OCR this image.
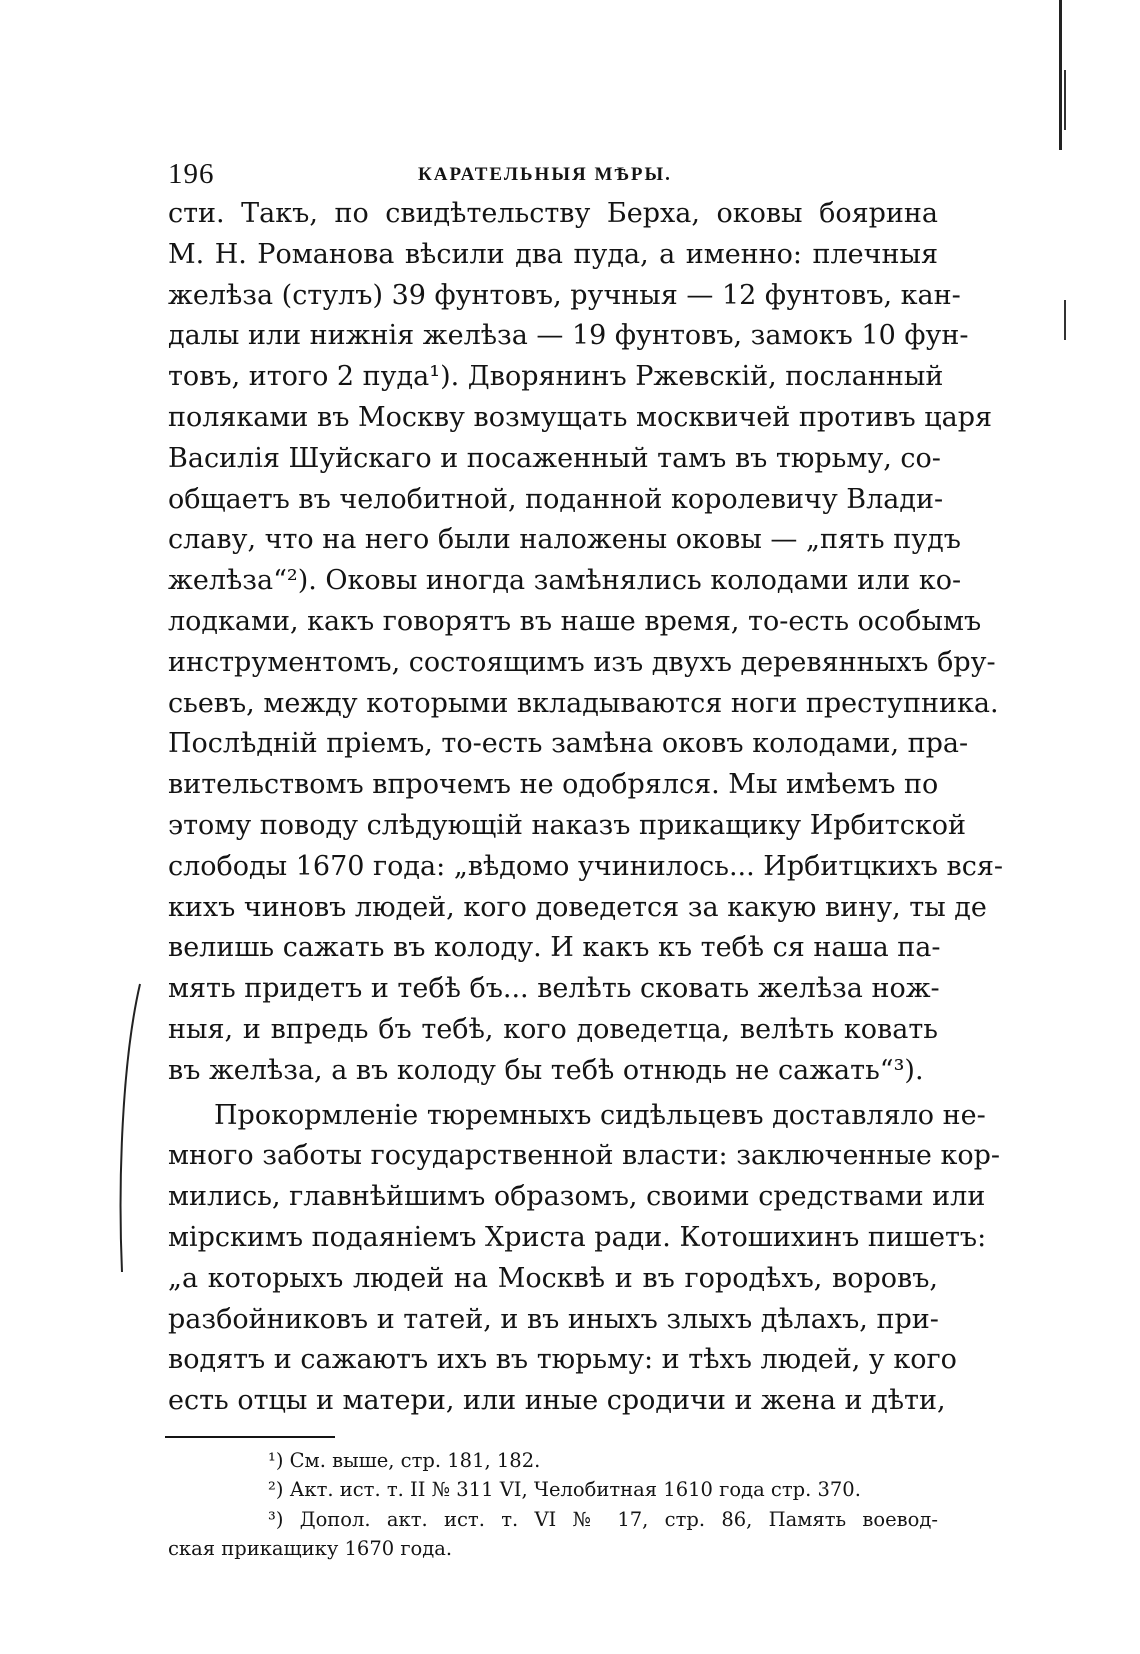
196	КАРАТЕЛЬНЫЯ МѢРЫ.
сти. Такъ, по свидѣтельству Берха, оковы боярина
М. Н. Романова вѣсили два пуда, а именно: плечныя
желѣза (стулъ) 39 фунтовъ, ручныя — 12 фунтовъ, кан-
далы или нижнія желѣза — 19 фунтовъ, замокъ 10 фун-
товъ, итого 2 пуда¹). Дворянинъ Ржевскій, посланный
поляками въ Москву возмущать москвичей противъ царя
Василія Шуйскаго и посаженный тамъ въ тюрьму, со-
общаетъ въ челобитной, поданной королевичу Влади-
славу, что на него были наложены оковы — „пять пудъ
желѣза“²). Оковы иногда замѣнялись колодами или ко-
лодками, какъ говорятъ въ наше время, то-есть особымъ
инструментомъ, состоящимъ изъ двухъ деревянныхъ бру-
сьевъ, между которыми вкладываются ноги преступника.
Послѣдній пріемъ, то-есть замѣна оковъ колодами, пра-
вительствомъ впрочемъ не одобрялся. Мы имѣемъ по
этому поводу слѣдующій наказъ прикащику Ирбитской
слободы 1670 года: „вѣдомо учинилось... Ирбитцкихъ вся-
кихъ чиновъ людей, кого доведется за какую вину, ты де
велишь сажать въ колоду. И какъ къ тебѣ ся наша па-
мять придетъ и тебѣ бъ... велѣть сковать желѣза нож-
ныя, и впредь бъ тебѣ, кого доведетца, велѣть ковать
въ желѣза, а въ колоду бы тебѣ отнюдь не сажать“³).
Прокормленіе тюремныхъ сидѣльцевъ доставляло не-
много заботы государственной власти: заключенные кор-
мились, главнѣйшимъ образомъ, своими средствами или
мірскимъ подаяніемъ Христа ради. Котошихинъ пишетъ:
„а которыхъ людей на Москвѣ и въ городѣхъ, воровъ,
разбойниковъ и татей, и въ иныхъ злыхъ дѣлахъ, при-
водятъ и сажаютъ ихъ въ тюрьму: и тѣхъ людей, у кого
есть отцы и матери, или иные сродичи и жена и дѣти,
¹) См. выше, стр. 181, 182.
²) Акт. ист. т. II № 311 VI, Челобитная 1610 года стр. 370.
³) Допол. акт. ист. т. VI № 17, стр. 86, Память воевод-
ская прикащику 1670 года.
